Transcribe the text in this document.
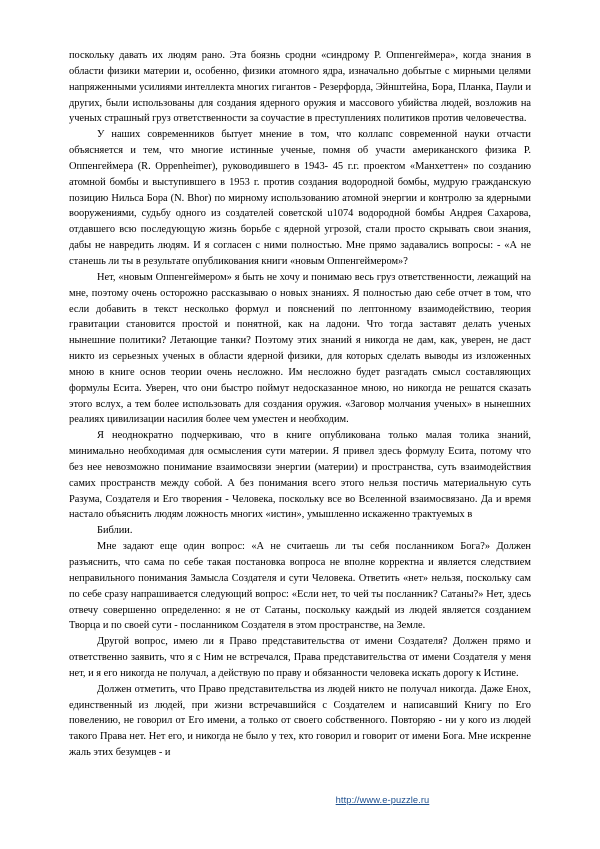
поскольку давать их людям рано. Эта боязнь сродни «синдрому Р. Оппенгеймера», когда знания в области физики материи и, особенно, физики атомного ядра, изначально добытые с мирными целями напряженными усилиями интеллекта многих гигантов - Резерфорда, Эйнштейна, Бора, Планка, Паули и других, были использованы для создания ядерного оружия и массового убийства людей, возложив на ученых страшный груз ответственности за соучастие в преступлениях политиков против человечества.

У наших современников бытует мнение в том, что коллапс современной науки отчасти объясняется и тем, что многие истинные ученые, помня об участи американского физика Р. Оппенгеймера (R. Oppenheimer), руководившего в 1943- 45 г.г. проектом «Манхеттен» по созданию атомной бомбы и выступившего в 1953 г. против создания водородной бомбы, мудрую гражданскую позицию Нильса Бора (N. Bhor) по мирному использованию атомной энергии и контролю за ядерными вооружениями, судьбу одного из создателей советской u1074 водородной бомбы Андрея Сахарова, отдавшего всю последующую жизнь борьбе с ядерной угрозой, стали просто скрывать свои знания, дабы не навредить людям. И я согласен с ними полностью. Мне прямо задавались вопросы: - «А не станешь ли ты в результате опубликования книги «новым Оппенгеймером»?

Нет, «новым Оппенгеймером» я быть не хочу и понимаю весь груз ответственности, лежащий на мне, поэтому очень осторожно рассказываю о новых знаниях. Я полностью даю себе отчет в том, что если добавить в текст несколько формул и пояснений по лептонному взаимодействию, теория гравитации становится простой и понятной, как на ладони. Что тогда заставят делать ученых нынешние политики? Летающие танки? Поэтому этих знаний я никогда не дам, как, уверен, не даст никто из серьезных ученых в области ядерной физики, для которых сделать выводы из изложенных мною в книге основ теории очень несложно. Им несложно будет разгадать смысл составляющих формулы Есита. Уверен, что они быстро поймут недосказанное мною, но никогда не решатся сказать этого вслух, а тем более использовать для создания оружия. «Заговор молчания ученых» в нынешних реалиях цивилизации насилия более чем уместен и необходим.

Я неоднократно подчеркиваю, что в книге опубликована только малая толика знаний, минимально необходимая для осмысления сути материи. Я привел здесь формулу Есита, потому что без нее невозможно понимание взаимосвязи энергии (материи) и пространства, суть взаимодействия самих пространств между собой. А без понимания всего этого нельзя постичь материальную суть Разума, Создателя и Его творения - Человека, поскольку все во Вселенной взаимосвязано. Да и время настало объяснить людям ложность многих «истин», умышленно искаженно трактуемых в
Библии.

Мне задают еще один вопрос: «А не считаешь ли ты себя посланником Бога?» Должен разъяснить, что сама по себе такая постановка вопроса не вполне корректна и является следствием неправильного понимания Замысла Создателя и сути Человека. Ответить «нет» нельзя, поскольку сам по себе сразу напрашивается следующий вопрос: «Если нет, то чей ты посланник? Сатаны?» Нет, здесь отвечу совершенно определенно: я не от Сатаны, поскольку каждый из людей является созданием Творца и по своей сути - посланником Создателя в этом пространстве, на Земле.

Другой вопрос, имею ли я Право представительства от имени Создателя? Должен прямо и ответственно заявить, что я с Ним не встречался, Права представительства от имени Создателя у меня нет, и я его никогда не получал, а действую по праву и обязанности человека искать дорогу к Истине.

Должен отметить, что Право представительства из людей никто не получал никогда. Даже Енох, единственный из людей, при жизни встречавшийся с Создателем и написавший Книгу по Его повелению, не говорил от Его имени, а только от своего собственного. Повторяю - ни у кого из людей такого Права нет. Нет его, и никогда не было у тех, кто говорил и говорит от имени Бога. Мне искренне жаль этих безумцев - и

http://www.e-puzzle.ru
